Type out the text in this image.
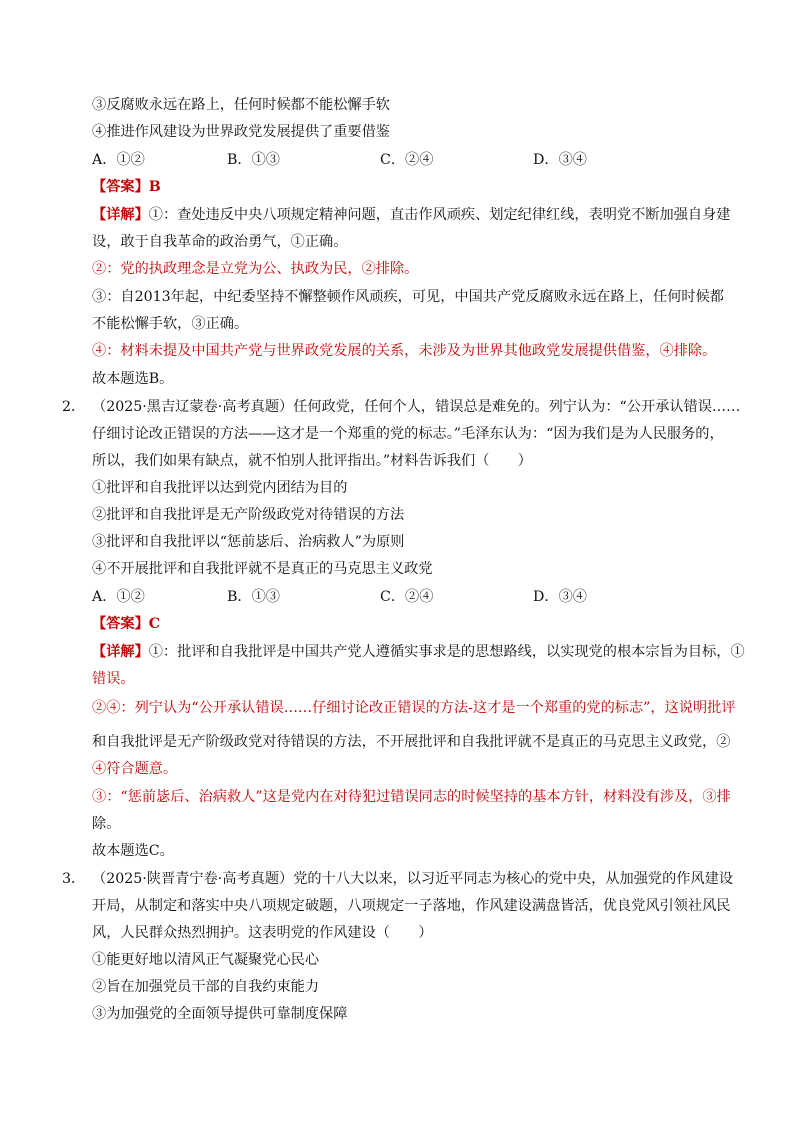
③反腐败永远在路上，任何时候都不能松懈手软
④推进作风建设为世界政党发展提供了重要借鉴
A．①②	B．①③	C．②④	D．③④
【答案】B
【详解】①：查处违反中央八项规定精神问题，直击作风顽疾、划定纪律红线，表明党不断加强自身建
设，敢于自我革命的政治勇气，①正确。
②：党的执政理念是立党为公、执政为民，②排除。
③：自2013年起，中纪委坚持不懈整顿作风顽疾，可见，中国共产党反腐败永远在路上，任何时候都
不能松懈手软，③正确。
④：材料未提及中国共产党与世界政党发展的关系，未涉及为世界其他政党发展提供借鉴，④排除。
故本题选B。
2． （2025·黑吉辽蒙卷·高考真题）任何政党，任何个人，错误总是难免的。列宁认为：“公开承认错误……
仔细讨论改正错误的方法——这才是一个郑重的党的标志。”毛泽东认为：“因为我们是为人民服务的，
所以，我们如果有缺点，就不怕别人批评指出。”材料告诉我们（　　）
①批评和自我批评以达到党内团结为目的
②批评和自我批评是无产阶级政党对待错误的方法
③批评和自我批评以“惩前毖后、治病救人”为原则
④不开展批评和自我批评就不是真正的马克思主义政党
A．①②	B．①③	C．②④	D．③④
【答案】C
【详解】①：批评和自我批评是中国共产党人遵循实事求是的思想路线，以实现党的根本宗旨为目标，①
错误。
②④：列宁认为“公开承认错误……仔细讨论改正错误的方法-这才是一个郑重的党的标志”，这说明批评
和自我批评是无产阶级政党对待错误的方法，不开展批评和自我批评就不是真正的马克思主义政党，②
④符合题意。
③：“惩前毖后、治病救人”这是党内在对待犯过错误同志的时候坚持的基本方针，材料没有涉及，③排
除。
故本题选C。
3． （2025·陕晋青宁卷·高考真题）党的十八大以来，以习近平同志为核心的党中央，从加强党的作风建设
开局，从制定和落实中央八项规定破题，八项规定一子落地，作风建设满盘皆活，优良党风引领社风民
风，人民群众热烈拥护。这表明党的作风建设（　　）
①能更好地以清风正气凝聚党心民心
②旨在加强党员干部的自我约束能力
③为加强党的全面领导提供可靠制度保障
